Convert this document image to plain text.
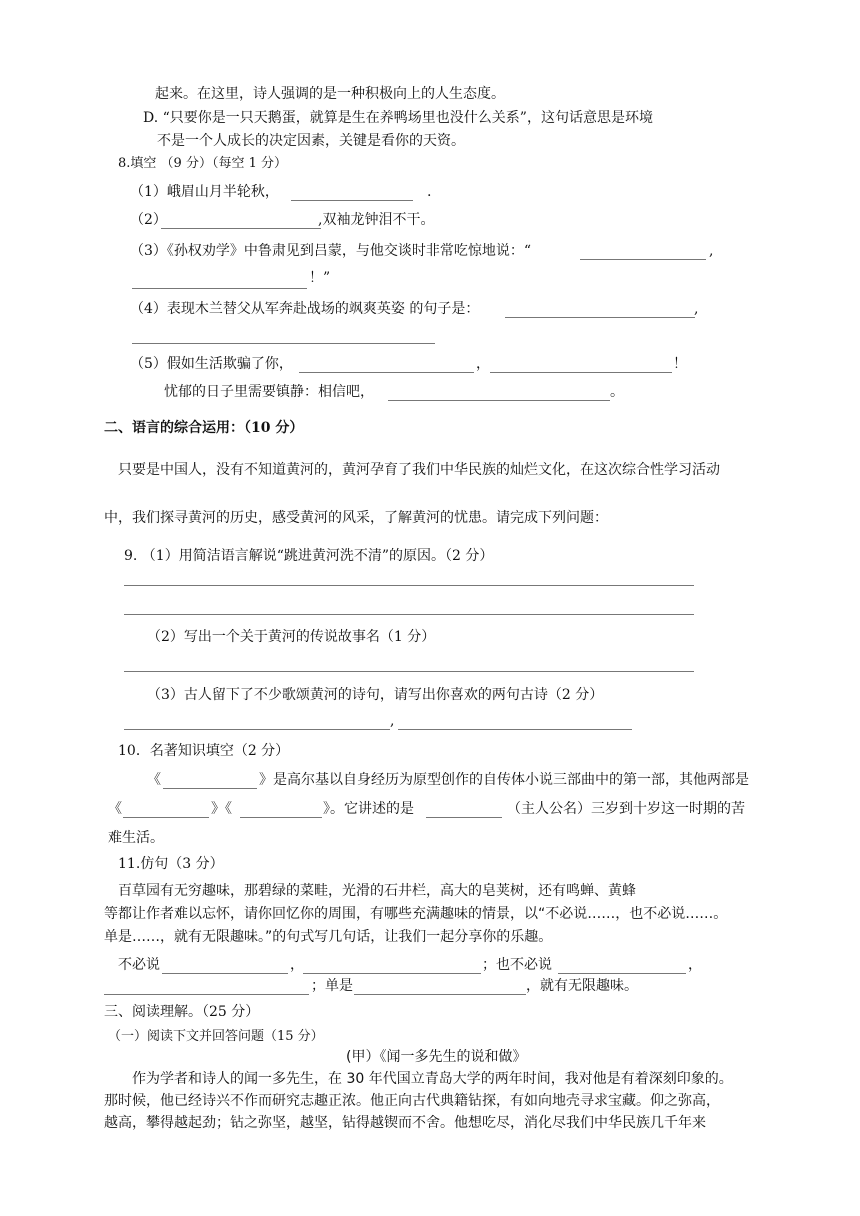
起来。在这里，诗人强调的是一种积极向上的人生态度。
D. “只要你是一只天鹅蛋，就算是生在养鸭场里也没什么关系”，这句话意思是环境
不是一个人成长的决定因素，关键是看你的天资。
8.填空 （9 分）（每空 1 分）
（1）峨眉山月半轮秋，	.
（2）	,双袖龙钟泪不干。
（3）《孙权劝学》中鲁肃见到吕蒙，与他交谈时非常吃惊地说：“	,
！”
（4）表现木兰替父从军奔赴战场的飒爽英姿 的句子是：	,
（5）假如生活欺骗了你，	，	！
忧郁的日子里需要镇静：相信吧，	。
二、语言的综合运用：（10 分）
只要是中国人，没有不知道黄河的，黄河孕育了我们中华民族的灿烂文化，在这次综合性学习活动
中，我们探寻黄河的历史，感受黄河的风采，了解黄河的忧患。请完成下列问题：
9. （1）用简洁语言解说“跳进黄河洗不清”的原因。（2 分）
（2）写出一个关于黄河的传说故事名（1 分）
（3）古人留下了不少歌颂黄河的诗句，请写出你喜欢的两句古诗（2 分）
,
10．名著知识填空（2 分）
《	》是高尔基以自身经历为原型创作的自传体小说三部曲中的第一部，其他两部是
《	》《	》。它讲述的是	（主人公名）三岁到十岁这一时期的苦
难生活。
11.仿句（3 分）
百草园有无穷趣味，那碧绿的菜畦，光滑的石井栏，高大的皂荚树，还有鸣蝉、黄蜂
等都让作者难以忘怀，请你回忆你的周围，有哪些充满趣味的情景，以“不必说……，也不必说……。
单是……，就有无限趣味。”的句式写几句话，让我们一起分享你的乐趣。
不必说	，	；也不必说	，
；单是	，就有无限趣味。
三、阅读理解。（25 分）
（一）阅读下文并回答问题（15 分）
(甲）《闻一多先生的说和做》
作为学者和诗人的闻一多先生，在 30 年代国立青岛大学的两年时间，我对他是有着深刻印象的。
那时候，他已经诗兴不作而研究志趣正浓。他正向古代典籍钻探，有如向地壳寻求宝藏。仰之弥高，
越高，攀得越起劲；钻之弥坚，越坚，钻得越锲而不舍。他想吃尽，消化尽我们中华民族几千年来
